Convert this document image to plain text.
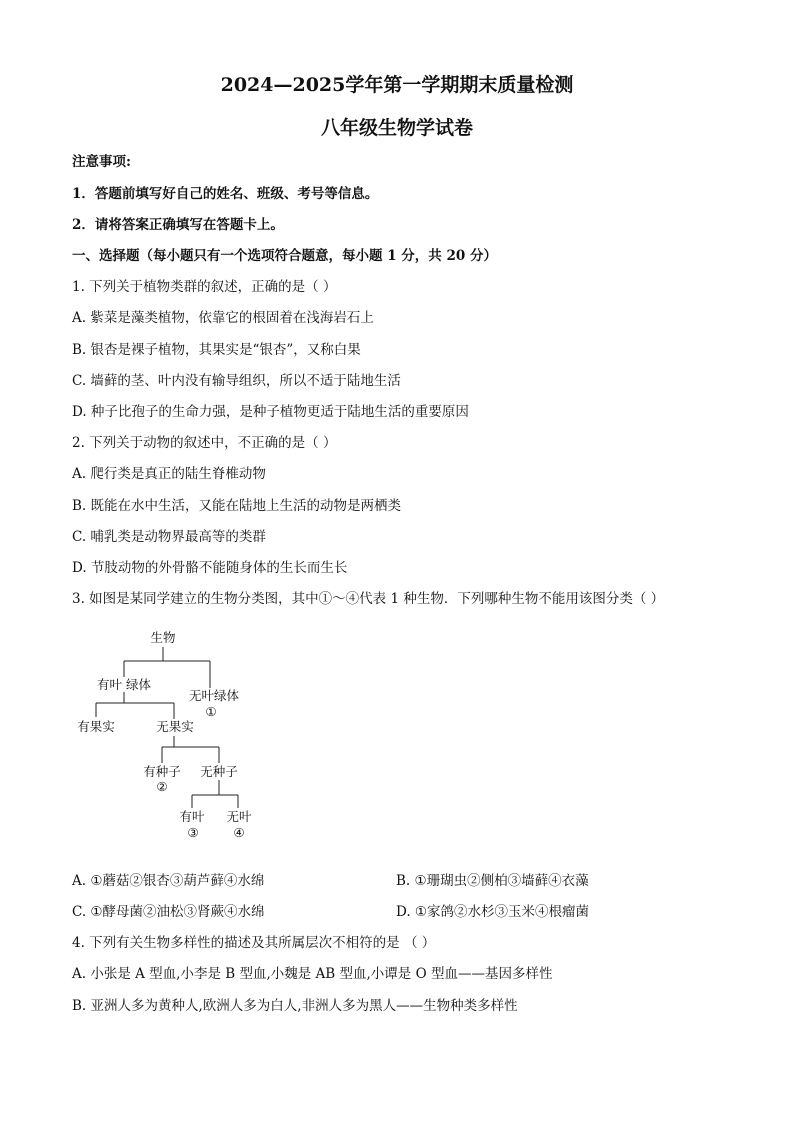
2024—2025学年第一学期期末质量检测
八年级生物学试卷
注意事项:
1．答题前填写好自己的姓名、班级、考号等信息。
2．请将答案正确填写在答题卡上。
一、选择题（每小题只有一个选项符合题意，每小题 1 分，共 20 分）
1. 下列关于植物类群的叙述，正确的是（ ）
A. 紫菜是藻类植物，依靠它的根固着在浅海岩石上
B. 银杏是裸子植物，其果实是“银杏”，又称白果
C. 墙藓的茎、叶内没有输导组织，所以不适于陆地生活
D. 种子比孢子的生命力强，是种子植物更适于陆地生活的重要原因
2. 下列关于动物的叙述中，不正确的是（ ）
A. 爬行类是真正的陆生脊椎动物
B. 既能在水中生活，又能在陆地上生活的动物是两栖类
C. 哺乳类是动物界最高等的类群
D. 节肢动物的外骨骼不能随身体的生长而生长
3. 如图是某同学建立的生物分类图，其中①～④代表 1 种生物．下列哪种生物不能用该图分类（ ）
生物
有叶 绿体
无叶绿体
①
有果实	无果实
有种子
②
无种子
有叶
③
无叶
④
A. ①蘑菇②银杏③葫芦藓④水绵	B. ①珊瑚虫②侧柏③墙藓④衣藻
C. ①酵母菌②油松③肾蕨④水绵	D. ①家鸽②水杉③玉米④根瘤菌
4. 下列有关生物多样性的描述及其所属层次不相符的是 （ ）
A. 小张是 A 型血,小李是 B 型血,小魏是 AB 型血,小谭是 O 型血——基因多样性
B. 亚洲人多为黄种人,欧洲人多为白人,非洲人多为黑人——生物种类多样性
